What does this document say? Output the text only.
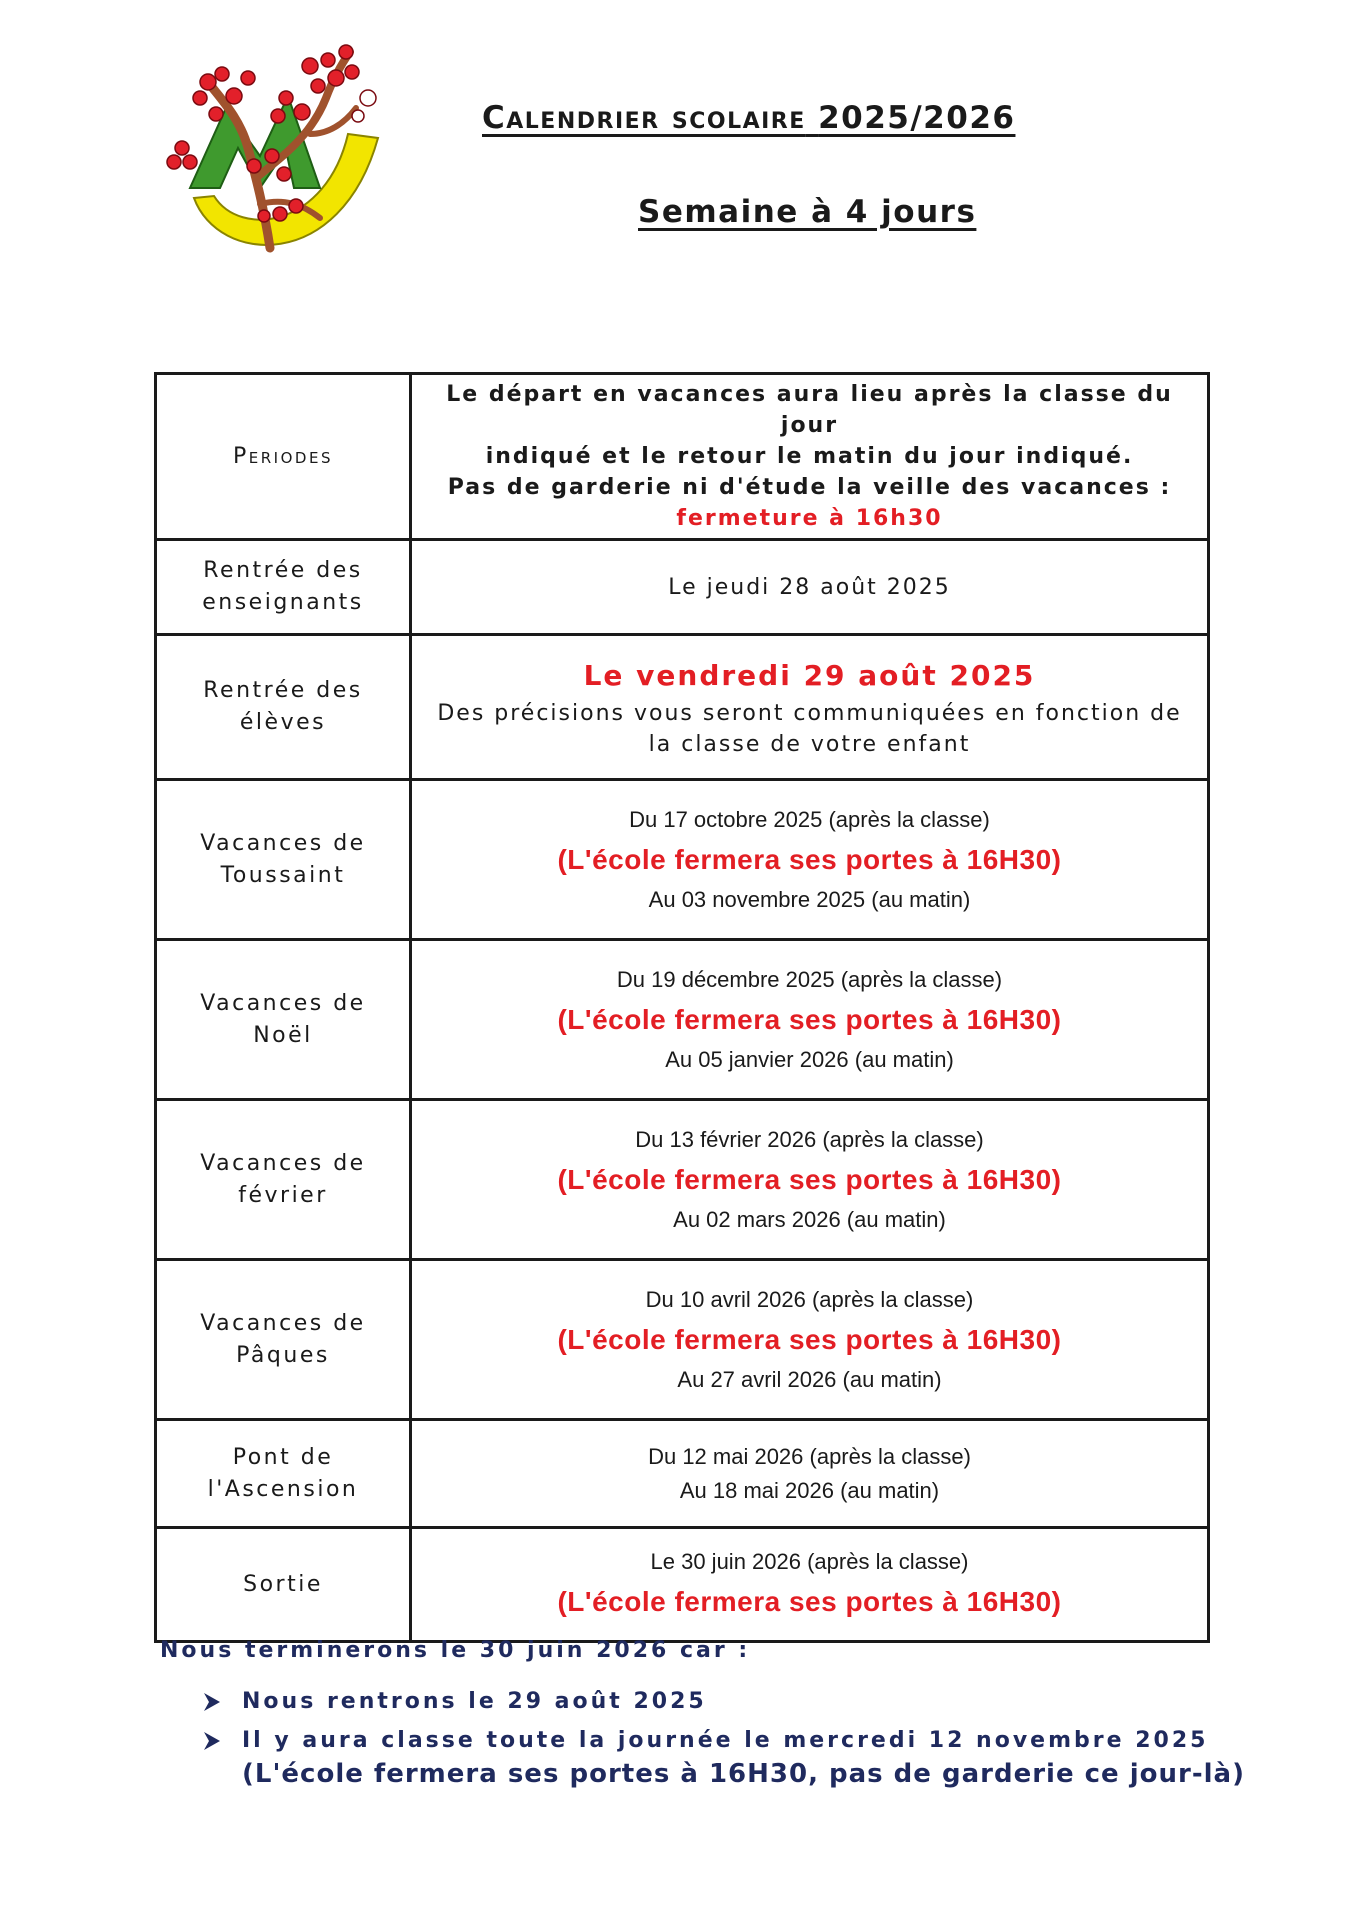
Calendrier scolaire 2025/2026
Semaine à 4 jours
Periodes	Le départ en vacances aura lieu après la classe du jour
indiqué et le retour le matin du jour indiqué.
Pas de garderie ni d'étude la veille des vacances :
fermeture à 16h30

Rentrée des enseignants	Le jeudi 28 août 2025
Rentrée des élèves	Le vendredi 29 août 2025
Des précisions vous seront communiquées en fonction de la classe de votre enfant

Vacances de Toussaint	Du 17 octobre 2025 (après la classe)
(L'école fermera ses portes à 16H30)
Au 03 novembre 2025 (au matin)

Vacances de Noël	Du 19 décembre 2025 (après la classe)
(L'école fermera ses portes à 16H30)
Au 05 janvier 2026 (au matin)

Vacances de février	Du 13 février 2026 (après la classe)
(L'école fermera ses portes à 16H30)
Au 02 mars 2026 (au matin)

Vacances de Pâques	Du 10 avril 2026 (après la classe)
(L'école fermera ses portes à 16H30)
Au 27 avril 2026 (au matin)

Pont de l'Ascension	Du 12 mai 2026 (après la classe)
Au 18 mai 2026 (au matin)

Sortie	Le 30 juin 2026 (après la classe)
(L'école fermera ses portes à 16H30)
Nous terminerons le 30 juin 2026 car :
Nous rentrons le 29 août 2025
Il y aura classe toute la journée le mercredi 12 novembre 2025
(L'école fermera ses portes à 16H30, pas de garderie ce jour-là)
